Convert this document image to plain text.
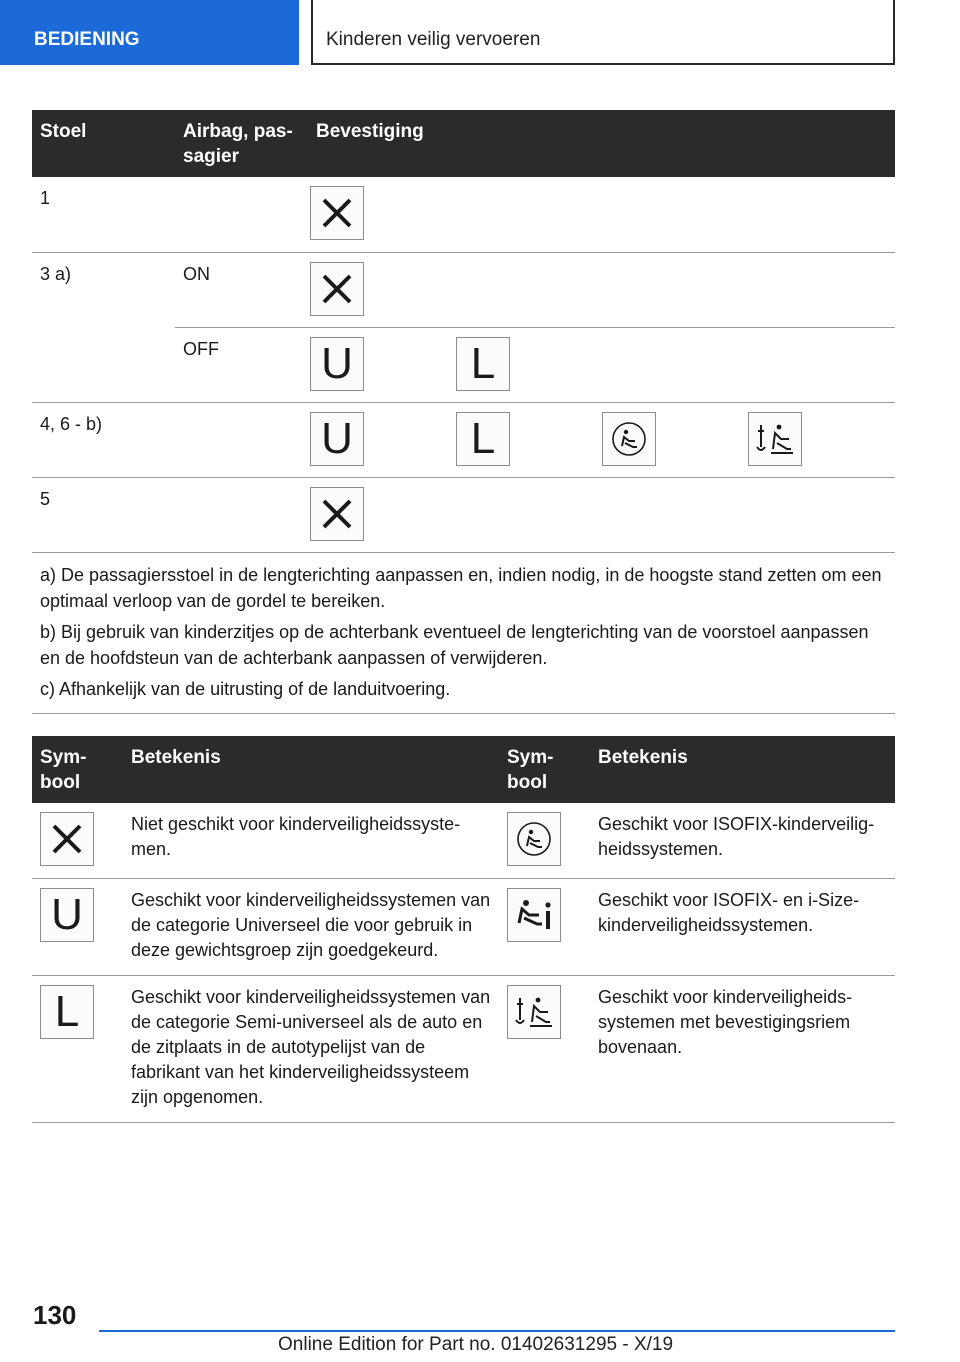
BEDIENING	Kinderen veilig vervoeren
Stoel	Airbag, passagier	Bevestiging
1		

3 a)	ON	

	OFF	U L

4, 6 - b)		U L

5		

a) De passagiersstoel in de lengterichting aanpassen en, indien nodig, in de hoogste stand zetten om een optimaal verloop van de gordel te bereiken.
b) Bij gebruik van kinderzitjes op de achterbank eventueel de lengterichting van de voorstoel aanpassen en de hoofdsteun van de achterbank aanpassen of verwijderen.
c) Afhankelijk van de uitrusting of de landuitvoering.		
Symbool	Betekenis	Symbool	Betekenis

	Niet geschikt voor kinderveiligheidssystemen.		Geschikt voor ISOFIX-kinderveiligheidssystemen.

U	Geschikt voor kinderveiligheidssystemen van de categorie Universeel die voor gebruik in deze gewichtsgroep zijn goedgekeurd.		Geschikt voor ISOFIX- en i-Size-kinderveiligheidssystemen.

L	Geschikt voor kinderveiligheidssystemen van de categorie Semi-universeel als de auto en de zitplaats in de autotypelijst van de fabrikant van het kinderveiligheidssysteem zijn opgenomen.		Geschikt voor kinderveiligheidssystemen met bevestigingsriem bovenaan.
130
Online Edition for Part no. 01402631295 - X/19
